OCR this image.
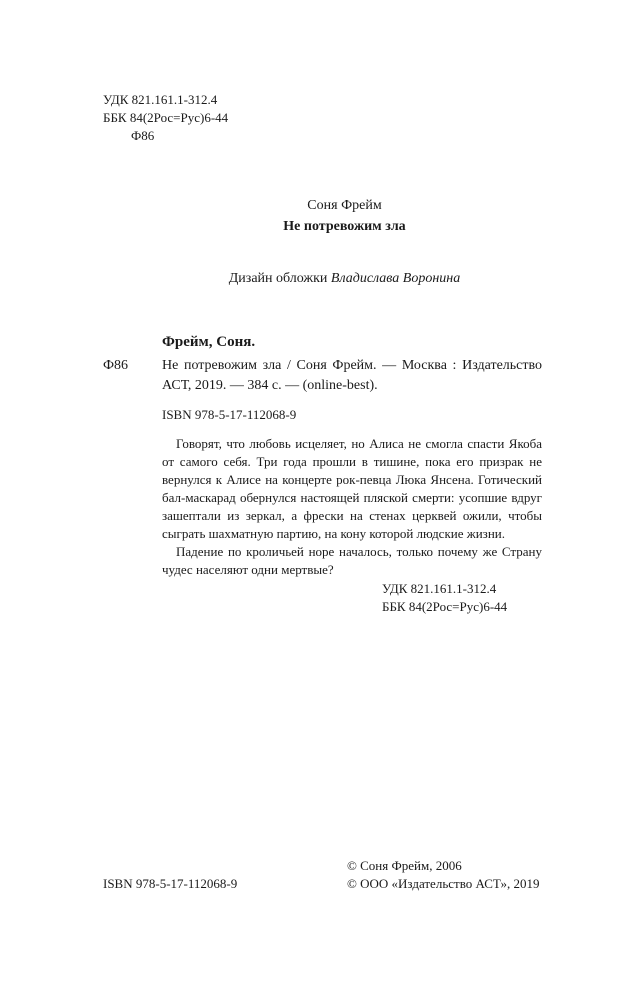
УДК 821.161.1-312.4
ББК 84(2Рос=Рус)6-44
Ф86
Соня Фрейм
Не потревожим зла
Дизайн обложки Владислава Воронина
Фрейм, Соня.
Ф86 Не потревожим зла / Соня Фрейм. — Москва : Издательство АСТ, 2019. — 384 с. — (online-best).
ISBN 978-5-17-112068-9

Говорят, что любовь исцеляет, но Алиса не смогла спасти Якоба от самого себя. Три года прошли в тишине, пока его призрак не вернулся к Алисе на концерте рок-певца Люка Янсена. Готический бал-маскарад обернулся настоящей пляской смерти: усопшие вдруг зашептали из зеркал, а фрески на стенах церквей ожили, чтобы сыграть шахматную партию, на кону которой людские жизни.

Падение по кроличьей норе началось, только почему же Страну чудес населяют одни мертвые?

УДК 821.161.1-312.4
ББК 84(2Рос=Рус)6-44
ISBN 978-5-17-112068-9
© Соня Фрейм, 2006
© ООО «Издательство АСТ», 2019
